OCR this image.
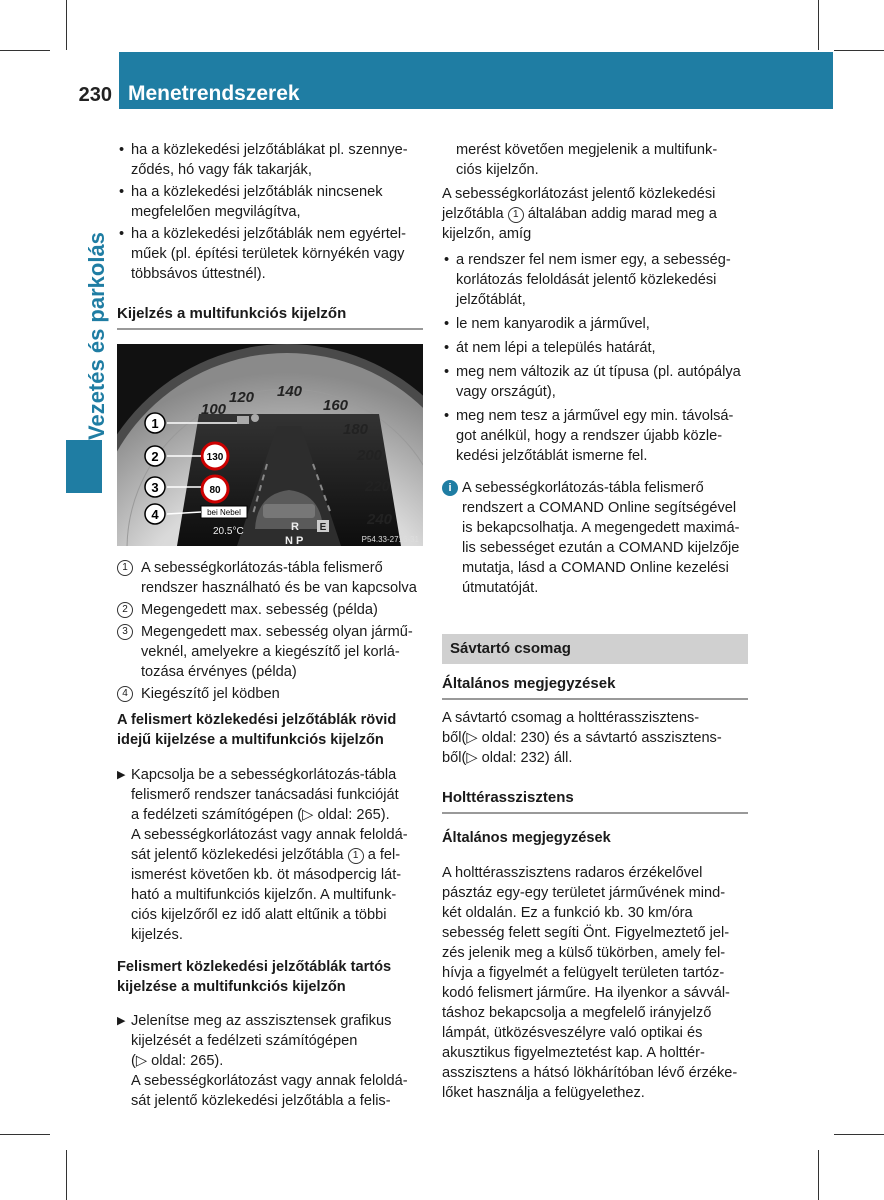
230 Menetrendszerek
Vezetés és parkolás

• ha a közlekedési jelzőtáblákat pl. szennye-
ződés, hó vagy fák takarják,

• ha a közlekedési jelzőtáblák nincsenek
megfelelően megvilágítva,

• ha a közlekedési jelzőtáblák nem egyértel-
műek (pl. építési területek környékén vagy
többsávos úttestnél).

Kijelzés a multifunkciós kijelzőn

120 140
100	160
180
200
220
240
130
80
bei Nebel
20.5°C	R
N P
E
1
2
3
4
P54.33-2716-31

1 A sebességkorlátozás-tábla felismerő
rendszer használható és be van kapcsolva

2 Megengedett max. sebesség (példa)

3 Megengedett max. sebesség olyan jármű-
veknél, amelyekre a kiegészítő jel korlá-
tozása érvényes (példa)

4 Kiegészítő jel ködben

A felismert közlekedési jelzőtáblák rövid
idejű kijelzése a multifunkciós kijelzőn

▶ Kapcsolja be a sebességkorlátozás-tábla
felismerő rendszer tanácsadási funkcióját
a fedélzeti számítógépen (▷ oldal: 265).

A sebességkorlátozást vagy annak feloldá-
sát jelentő közlekedési jelzőtábla 1 a fel-
ismerést követően kb. öt másodpercig lát-
ható a multifunkciós kijelzőn. A multifunk-
ciós kijelzőről ez idő alatt eltűnik a többi
kijelzés.

Felismert közlekedési jelzőtáblák tartós
kijelzése a multifunkciós kijelzőn

▶ Jelenítse meg az asszisztensek grafikus
kijelzését a fedélzeti számítógépen
(▷ oldal: 265).

A sebességkorlátozást vagy annak feloldá-
sát jelentő közlekedési jelzőtábla a felis-

merést követően megjelenik a multifunk-
ciós kijelzőn.

A sebességkorlátozást jelentő közlekedési
jelzőtábla 1 általában addig marad meg a
kijelzőn, amíg

• a rendszer fel nem ismer egy, a sebesség-
korlátozás feloldását jelentő közlekedési
jelzőtáblát,

• le nem kanyarodik a járművel,

• át nem lépi a település határát,

• meg nem változik az út típusa (pl. autópálya
vagy országút),

• meg nem tesz a járművel egy min. távolsá-
got anélkül, hogy a rendszer újabb közle-
kedési jelzőtáblát ismerne fel.

i A sebességkorlátozás-tábla felismerő
rendszert a COMAND Online segítségével
is bekapcsolhatja. A megengedett maximá-
lis sebességet ezután a COMAND kijelzője
mutatja, lásd a COMAND Online kezelési
útmutatóját.

Sávtartó csomag

Általános megjegyzések

A sávtartó csomag a holttérasszisztens-
ből(▷ oldal: 230) és a sávtartó asszisztens-
ből(▷ oldal: 232) áll.

Holttérasszisztens

Általános megjegyzések

A holttérasszisztens radaros érzékelővel
pásztáz egy-egy területet járművének mind-
két oldalán. Ez a funkció kb. 30 km/óra
sebesség felett segíti Önt. Figyelmeztető jel-
zés jelenik meg a külső tükörben, amely fel-
hívja a figyelmét a felügyelt területen tartóz-
kodó felismert járműre. Ha ilyenkor a sávvál-
táshoz bekapcsolja a megfelelő irányjelző
lámpát, ütközésveszélyre való optikai és
akusztikus figyelmeztetést kap. A holttér-
asszisztens a hátsó lökhárítóban lévő érzéke-
lőket használja a felügyelethez.
